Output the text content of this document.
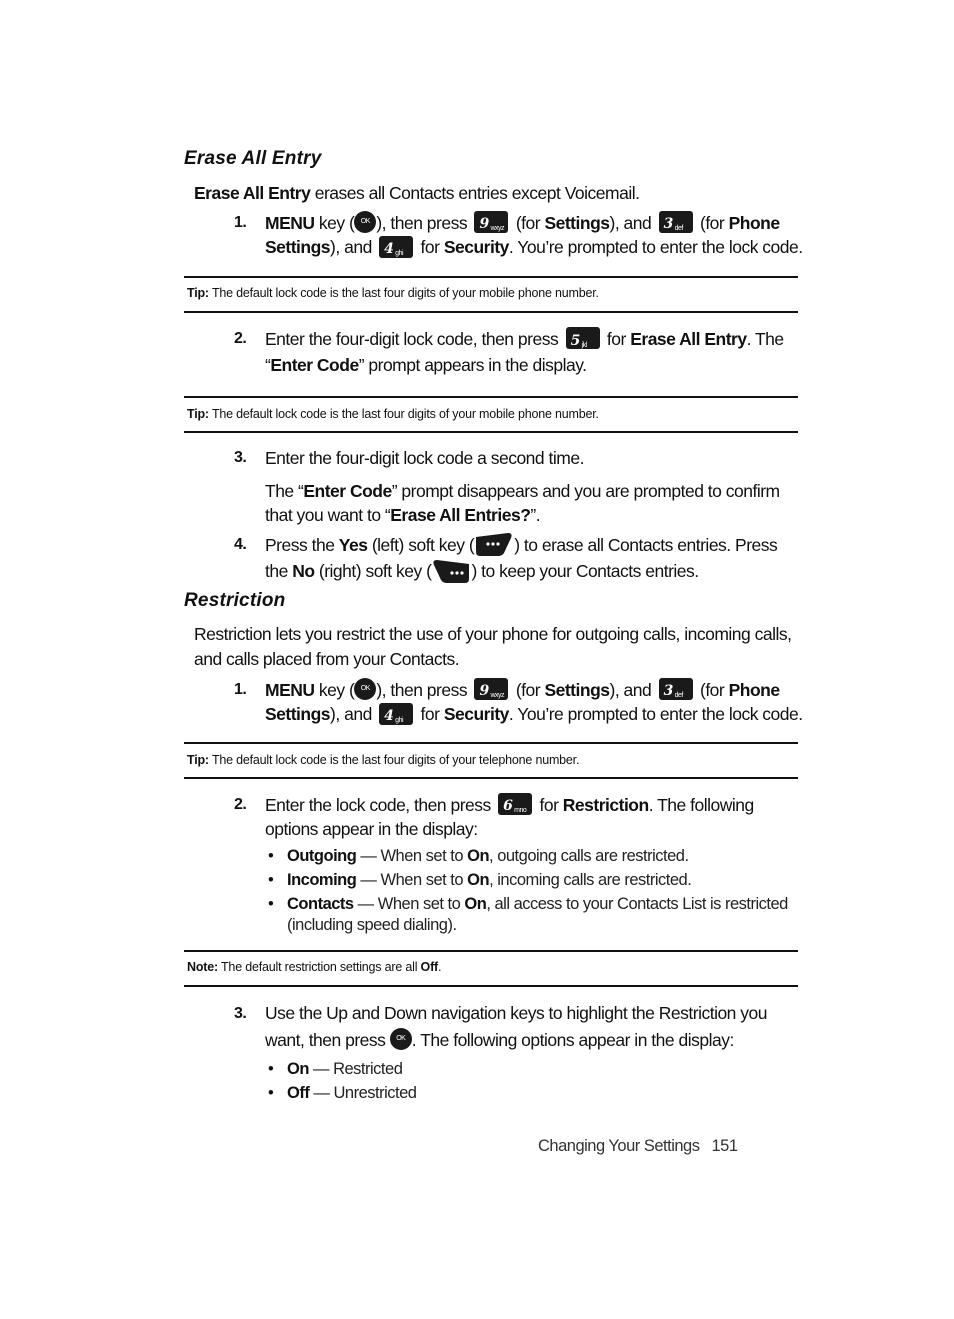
Erase All Entry
Erase All Entry erases all Contacts entries except Voicemail.
1. MENU key ( OK ), then press 9 wxyz (for Settings), and 3 def (for Phone Settings), and 4 ghi for Security. You’re prompted to enter the lock code.
Tip: The default lock code is the last four digits of your mobile phone number.
2. Enter the four-digit lock code, then press 5 jkl for Erase All Entry. The “Enter Code” prompt appears in the display.
Tip: The default lock code is the last four digits of your mobile phone number.
3. Enter the four-digit lock code a second time.
The “Enter Code” prompt disappears and you are prompted to confirm that you want to “Erase All Entries?”.
4. Press the Yes (left) soft key ( ) to erase all Contacts entries. Press the No (right) soft key ( ) to keep your Contacts entries.
Restriction
Restriction lets you restrict the use of your phone for outgoing calls, incoming calls, and calls placed from your Contacts.
1. MENU key ( OK ), then press 9 wxyz (for Settings), and 3 def (for Phone Settings), and 4 ghi for Security. You’re prompted to enter the lock code.
Tip: The default lock code is the last four digits of your telephone number.
2. Enter the lock code, then press 6 mno for Restriction. The following options appear in the display:
• Outgoing — When set to On, outgoing calls are restricted.
• Incoming — When set to On, incoming calls are restricted.
• Contacts — When set to On, all access to your Contacts List is restricted (including speed dialing).
Note: The default restriction settings are all Off.
3. Use the Up and Down navigation keys to highlight the Restriction you want, then press OK . The following options appear in the display:
• On — Restricted
• Off — Unrestricted
Changing Your Settings 151
